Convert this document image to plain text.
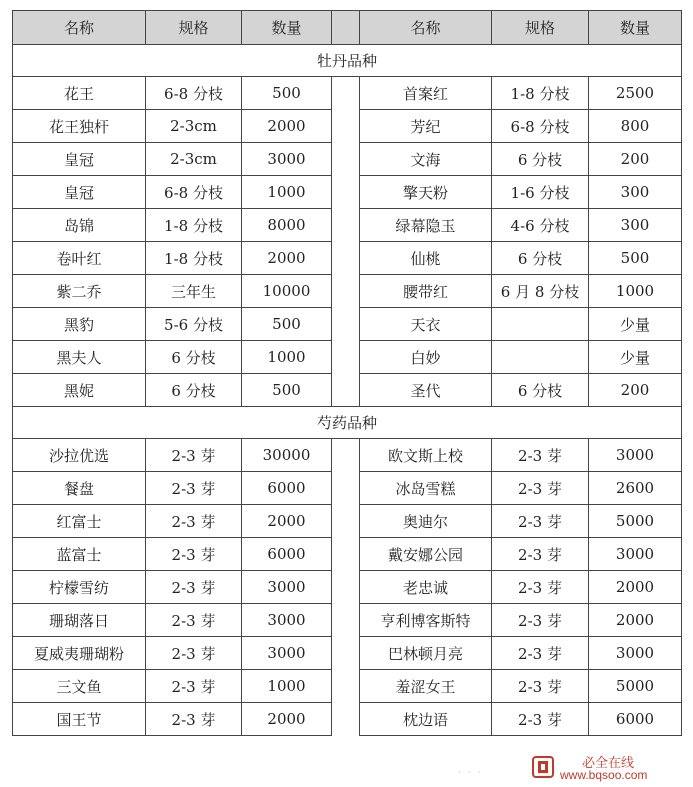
名称	规格	数量		名称	规格	数量
牡丹品种						
花王	6-8 分枝	500		首案红	1-8 分枝	2500
花王独杆	2-3cm	2000		芳纪	6-8 分枝	800
皇冠	2-3cm	3000		文海	6 分枝	200
皇冠	6-8 分枝	1000		擎天粉	1-6 分枝	300
岛锦	1-8 分枝	8000		绿幕隐玉	4-6 分枝	300
卷叶红	1-8 分枝	2000		仙桃	6 分枝	500
紫二乔	三年生	10000		腰带红	6 月 8 分枝	1000
黑豹	5-6 分枝	500		天衣		少量
黑夫人	6 分枝	1000		白妙		少量
黑妮	6 分枝	500		圣代	6 分枝	200
芍药品种						
沙拉优选	2-3 芽	30000		欧文斯上校	2-3 芽	3000
餐盘	2-3 芽	6000		冰岛雪糕	2-3 芽	2600
红富士	2-3 芽	2000		奥迪尔	2-3 芽	5000
蓝富士	2-3 芽	6000		戴安娜公园	2-3 芽	3000
柠檬雪纺	2-3 芽	3000		老忠诚	2-3 芽	2000
珊瑚落日	2-3 芽	3000		亨利博客斯特	2-3 芽	2000
夏威夷珊瑚粉	2-3 芽	3000		巴林顿月亮	2-3 芽	3000
三文鱼	2-3 芽	1000		羞涩女王	2-3 芽	5000
国王节	2-3 芽	2000		枕边语	2-3 芽	6000
· · ·
必全在线
www.bqsoo.com
